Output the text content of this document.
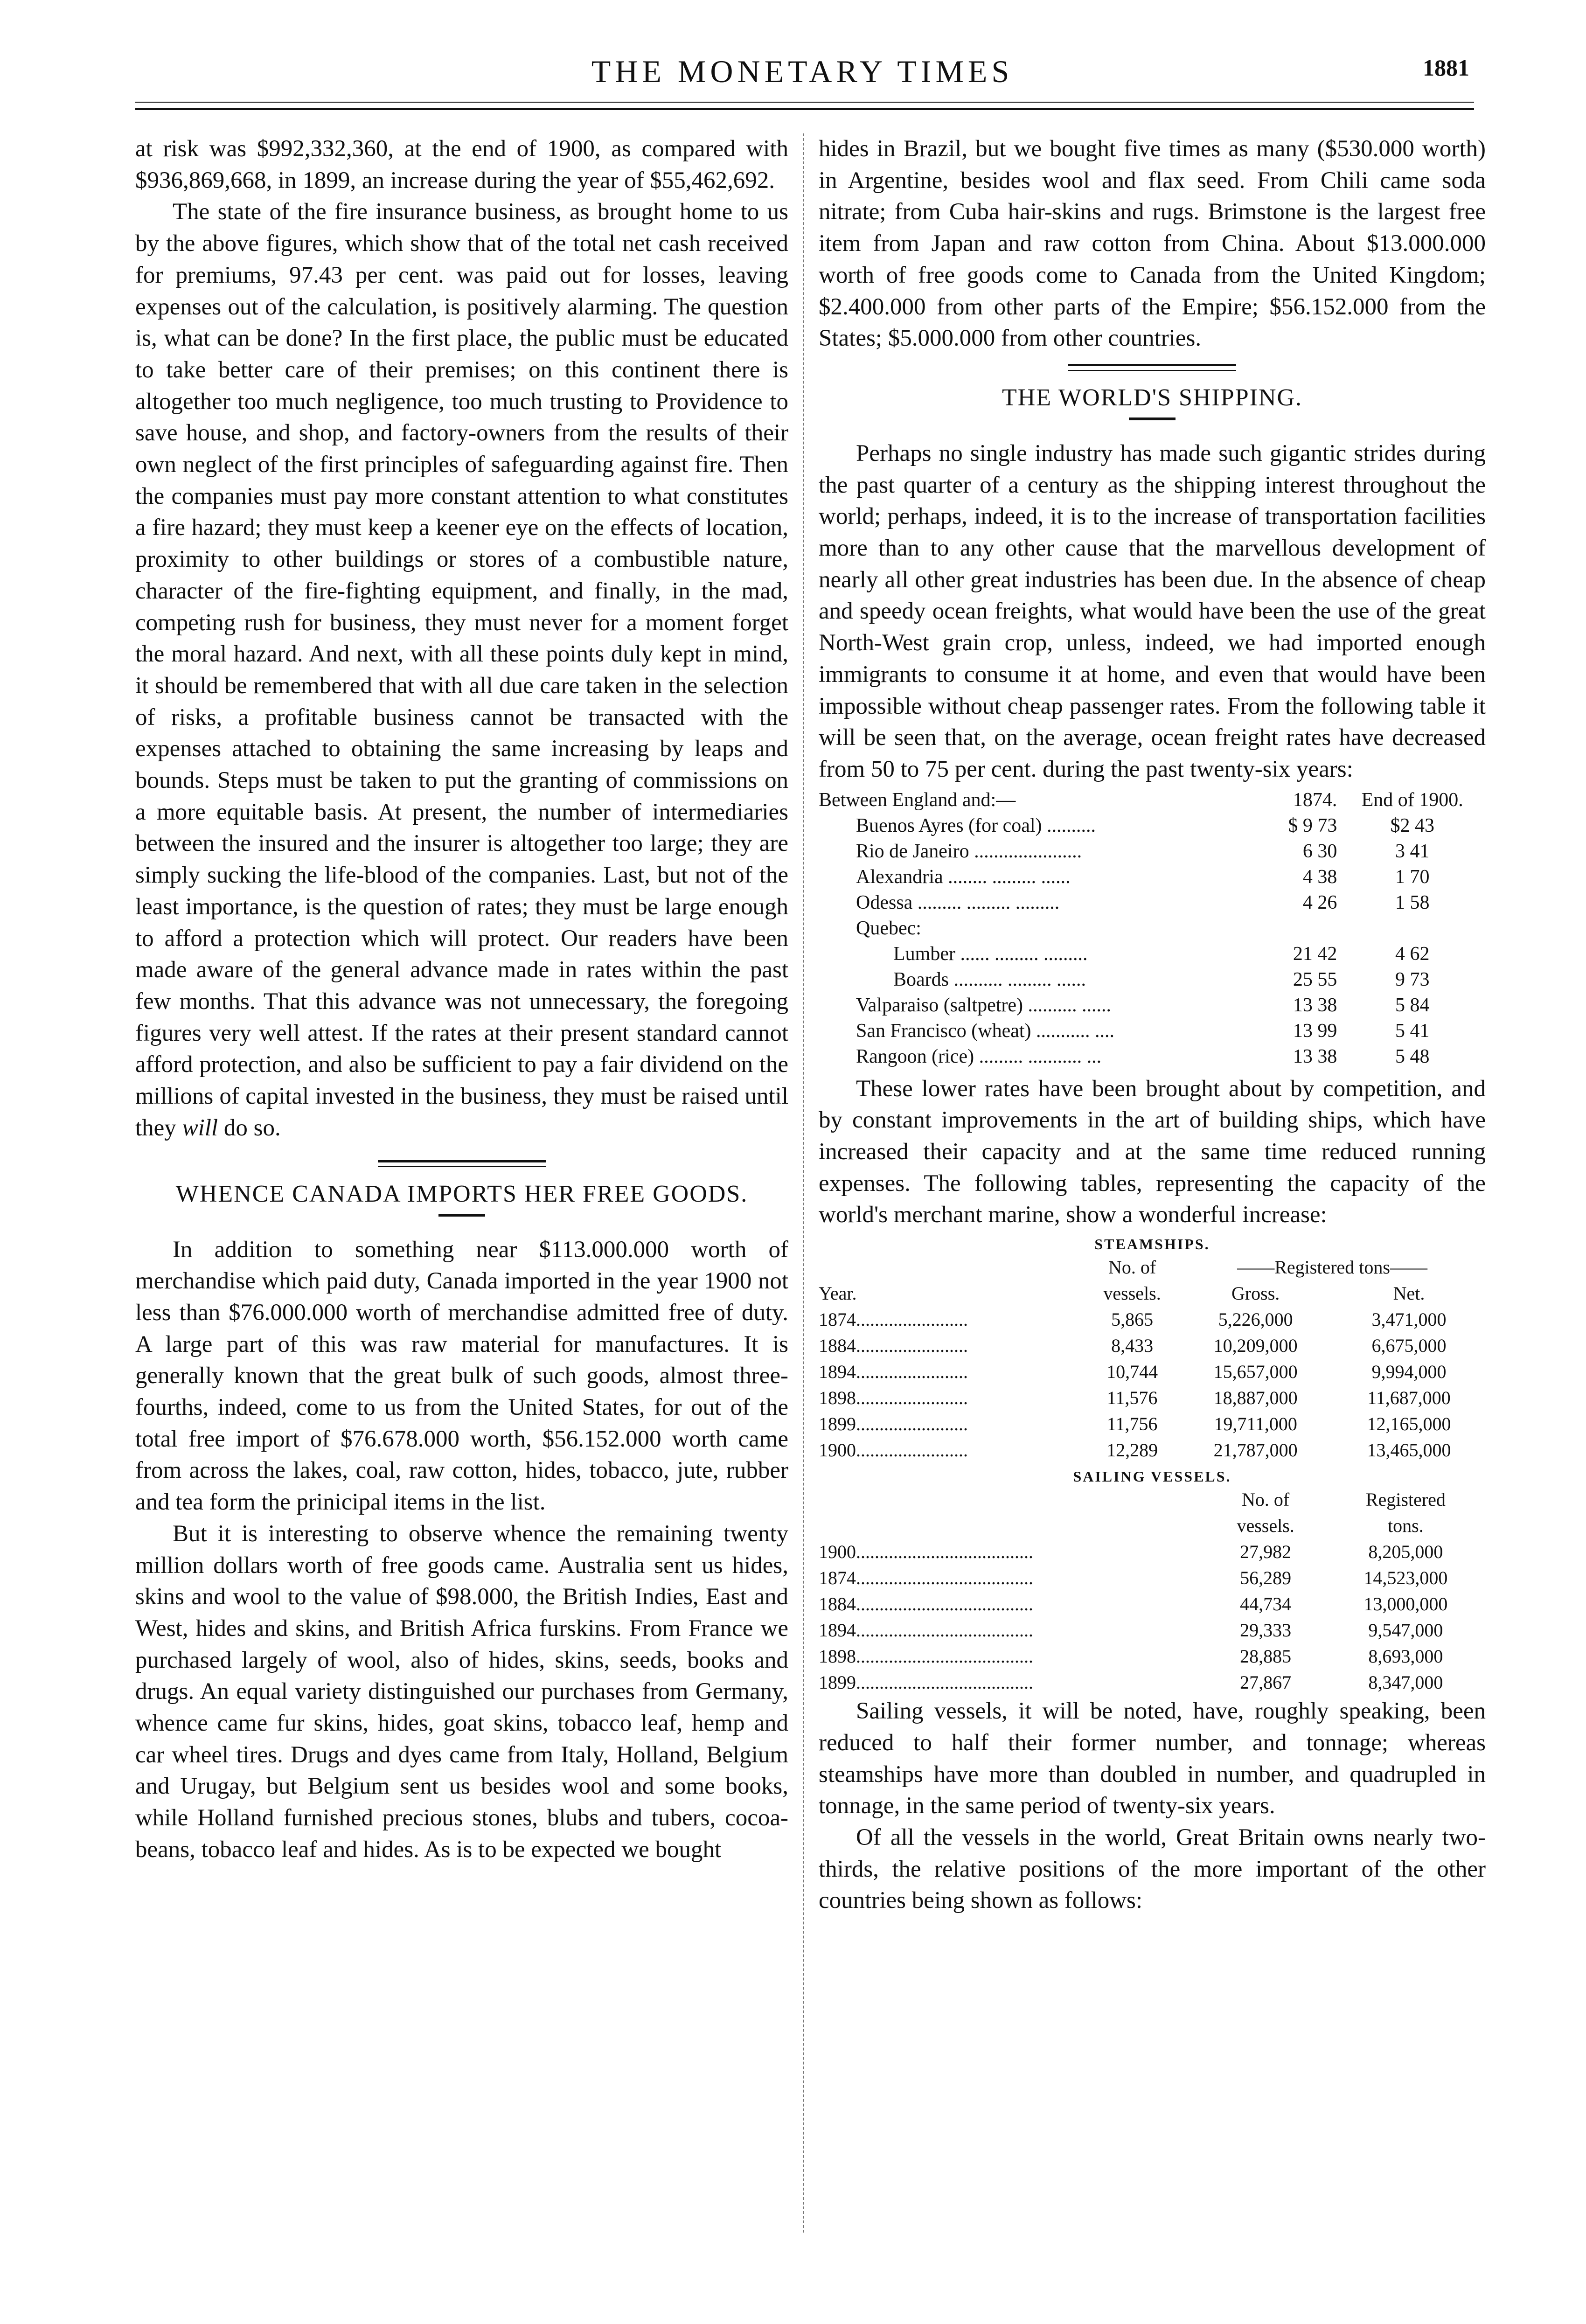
THE MONETARY TIMES	1881

at risk was $992,332,360, at the end of 1900, as compared with $936,869,668, in 1899, an increase during the year of $55,462,692.

The state of the fire insurance business, as brought home to us by the above figures, which show that of the total net cash received for premiums, 97.43 per cent. was paid out for losses, leaving expenses out of the calculation, is positively alarming. The question is, what can be done? In the first place, the public must be educated to take better care of their premises; on this continent there is altogether too much negligence, too much trusting to Providence to save house, and shop, and factory-owners from the results of their own neglect of the first principles of safeguarding against fire. Then the companies must pay more constant attention to what constitutes a fire hazard; they must keep a keener eye on the effects of location, proximity to other buildings or stores of a combustible nature, character of the fire-fighting equipment, and finally, in the mad, competing rush for business, they must never for a moment forget the moral hazard. And next, with all these points duly kept in mind, it should be remembered that with all due care taken in the selection of risks, a profitable business cannot be transacted with the expenses attached to obtaining the same increasing by leaps and bounds. Steps must be taken to put the granting of commissions on a more equitable basis. At present, the number of intermediaries between the insured and the insurer is altogether too large; they are simply sucking the life-blood of the companies. Last, but not of the least importance, is the question of rates; they must be large enough to afford a protection which will protect. Our readers have been made aware of the general advance made in rates within the past few months. That this advance was not unnecessary, the foregoing figures very well attest. If the rates at their present standard cannot afford protection, and also be sufficient to pay a fair dividend on the millions of capital invested in the business, they must be raised until they will do so.

WHENCE CANADA IMPORTS HER FREE GOODS.

In addition to something near $113.000.000 worth of merchandise which paid duty, Canada imported in the year 1900 not less than $76.000.000 worth of merchandise admitted free of duty. A large part of this was raw material for manufactures. It is generally known that the great bulk of such goods, almost three-fourths, indeed, come to us from the United States, for out of the total free import of $76.678.000 worth, $56.152.000 worth came from across the lakes, coal, raw cotton, hides, tobacco, jute, rubber and tea form the prinicipal items in the list.

But it is interesting to observe whence the remaining twenty million dollars worth of free goods came. Australia sent us hides, skins and wool to the value of $98.000, the British Indies, East and West, hides and skins, and British Africa furskins. From France we purchased largely of wool, also of hides, skins, seeds, books and drugs. An equal variety distinguished our purchases from Germany, whence came fur skins, hides, goat skins, tobacco leaf, hemp and car wheel tires. Drugs and dyes came from Italy, Holland, Belgium and Urugay, but Belgium sent us besides wool and some books, while Holland furnished precious stones, blubs and tubers, cocoa-beans, tobacco leaf and hides. As is to be expected we bought

hides in Brazil, but we bought five times as many ($530.000 worth) in Argentine, besides wool and flax seed. From Chili came soda nitrate; from Cuba hair-skins and rugs. Brimstone is the largest free item from Japan and raw cotton from China. About $13.000.000 worth of free goods come to Canada from the United Kingdom; $2.400.000 from other parts of the Empire; $56.152.000 from the States; $5.000.000 from other countries.

THE WORLD'S SHIPPING.

Perhaps no single industry has made such gigantic strides during the past quarter of a century as the shipping interest throughout the world; perhaps, indeed, it is to the increase of transportation facilities more than to any other cause that the marvellous development of nearly all other great industries has been due. In the absence of cheap and speedy ocean freights, what would have been the use of the great North-West grain crop, unless, indeed, we had imported enough immigrants to consume it at home, and even that would have been impossible without cheap passenger rates. From the following table it will be seen that, on the average, ocean freight rates have decreased from 50 to 75 per cent. during the past twenty-six years:

Between England and:—	1874.	End of 1900.
Buenos Ayres (for coal) ..........	$ 9 73	$2 43
Rio de Janeiro ......................	6 30	3 41
Alexandria ........ ......... ......	4 38	1 70
Odessa ......... ......... .........	4 26	1 58
Quebec:		
Lumber ...... ......... .........	21 42	4 62
Boards .......... ......... ......	25 55	9 73
Valparaiso (saltpetre) .......... ......	13 38	5 84
San Francisco (wheat) ........... ....	13 99	5 41
Rangoon (rice) ......... ........... ...	13 38	5 48

These lower rates have been brought about by competition, and by constant improvements in the art of building ships, which have increased their capacity and at the same time reduced running expenses. The following tables, representing the capacity of the world's merchant marine, show a wonderful increase:

STEAMSHIPS.
	No. of	——Registered tons——	
Year.	vessels.	Gross.	Net.
1874........................	5,865	5,226,000	3,471,000
1884........................	8,433	10,209,000	6,675,000
1894........................	10,744	15,657,000	9,994,000
1898........................	11,576	18,887,000	11,687,000
1899........................	11,756	19,711,000	12,165,000
1900........................	12,289	21,787,000	13,465,000
SAILING VESSELS.
	No. of	Registered
	vessels.	tons.
1900......................................	27,982	8,205,000
1874......................................	56,289	14,523,000
1884......................................	44,734	13,000,000
1894......................................	29,333	9,547,000
1898......................................	28,885	8,693,000
1899......................................	27,867	8,347,000

Sailing vessels, it will be noted, have, roughly speaking, been reduced to half their former number, and tonnage; whereas steamships have more than doubled in number, and quadrupled in tonnage, in the same period of twenty-six years.

Of all the vessels in the world, Great Britain owns nearly two-thirds, the relative positions of the more important of the other countries being shown as follows:
